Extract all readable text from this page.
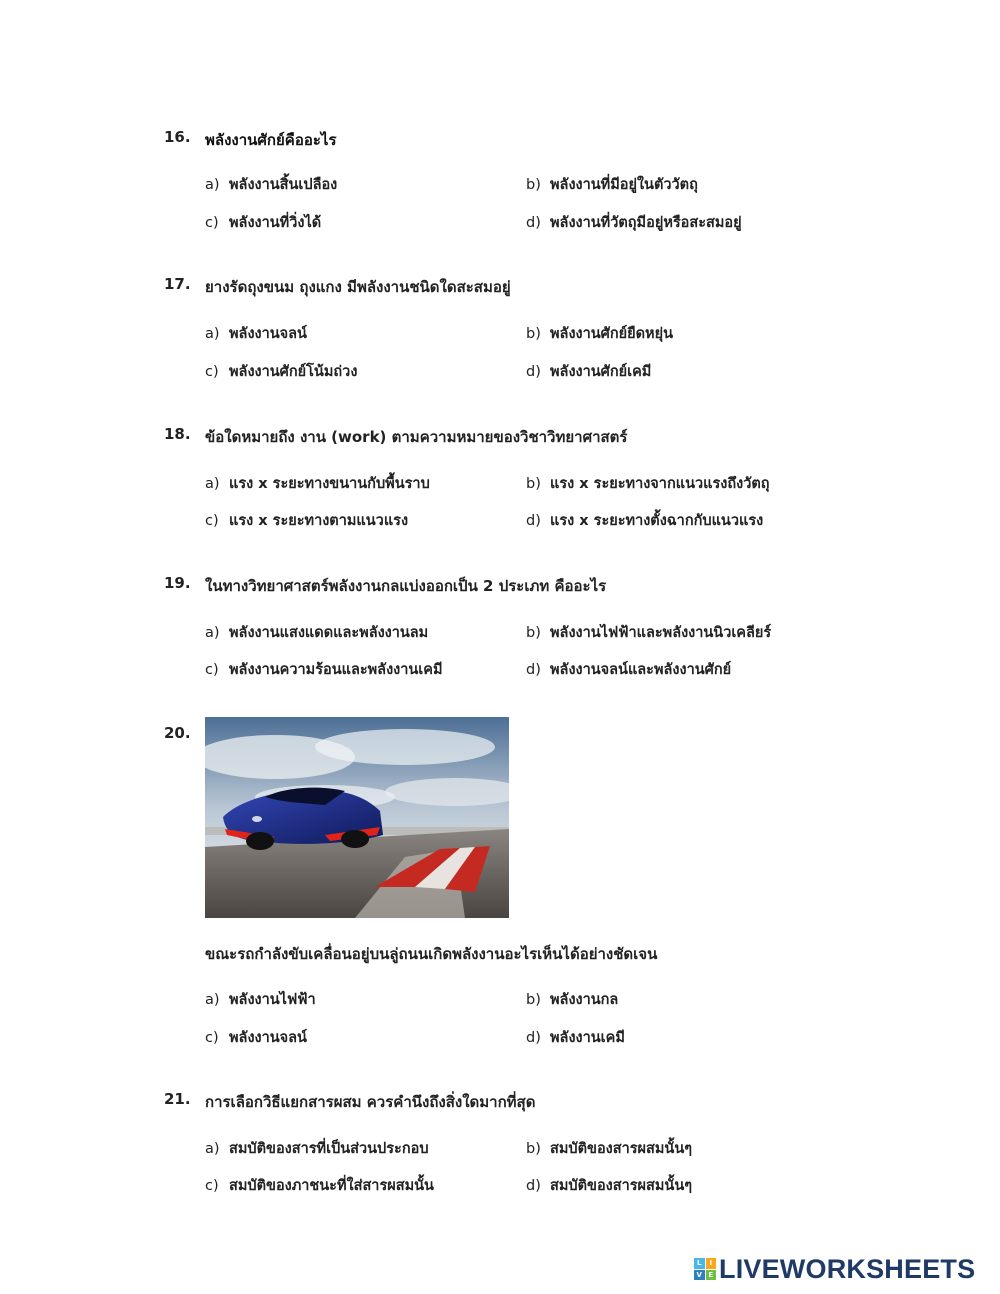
16. พลังงานศักย์คืออะไร
a) พลังงานสิ้นเปลือง	b) พลังงานที่มีอยู่ในตัววัตถุ
c) พลังงานที่วิ่งได้	d) พลังงานที่วัตถุมีอยู่หรือสะสมอยู่
17. ยางรัดถุงขนม ถุงแกง มีพลังงานชนิดใดสะสมอยู่
a) พลังงานจลน์	b) พลังงานศักย์ยืดหยุ่น
c) พลังงานศักย์โน้มถ่วง	d) พลังงานศักย์เคมี
18. ข้อใดหมายถึง งาน (work) ตามความหมายของวิชาวิทยาศาสตร์
a) แรง x ระยะทางขนานกับพื้นราบ	b) แรง x ระยะทางจากแนวแรงถึงวัตถุ
c) แรง x ระยะทางตามแนวแรง	d) แรง x ระยะทางตั้งฉากกับแนวแรง
19. ในทางวิทยาศาสตร์พลังงานกลแบ่งออกเป็น 2 ประเภท คืออะไร
a) พลังงานแสงแดดและพลังงานลม	b) พลังงานไฟฟ้าและพลังงานนิวเคลียร์
c) พลังงานความร้อนและพลังงานเคมี	d) พลังงานจลน์และพลังงานศักย์
20.
ขณะรถกำลังขับเคลื่อนอยู่บนลู่ถนนเกิดพลังงานอะไรเห็นได้อย่างชัดเจน
a) พลังงานไฟฟ้า	b) พลังงานกล
c) พลังงานจลน์	d) พลังงานเคมี
21. การเลือกวิธีแยกสารผสม ควรคำนึงถึงสิ่งใดมากที่สุด
a) สมบัติของสารที่เป็นส่วนประกอบ	b) สมบัติของสารผสมนั้นๆ
c) สมบัติของภาชนะที่ใส่สารผสมนั้น	d) สมบัติของสารผสมนั้นๆ
L	I
V E LIVEWORKSHEETS
